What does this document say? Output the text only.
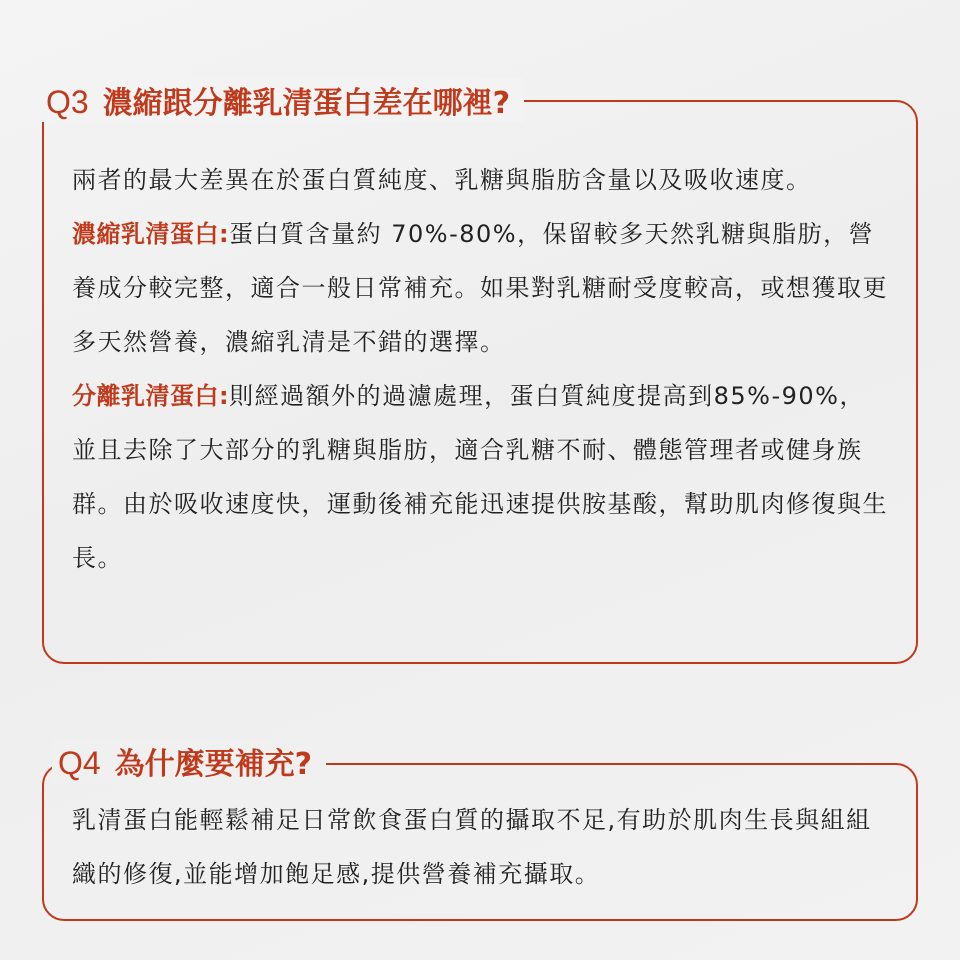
Q3 濃縮跟分離乳清蛋白差在哪裡?

兩者的最大差異在於蛋白質純度、乳糖與脂肪含量以及吸收速度。

濃縮乳清蛋白:蛋白質含量約 70%-80%，保留較多天然乳糖與脂肪，營養成分較完整，適合一般日常補充。如果對乳糖耐受度較高，或想獲取更多天然營養，濃縮乳清是不錯的選擇。

分離乳清蛋白:則經過額外的過濾處理，蛋白質純度提高到85%-90%，並且去除了大部分的乳糖與脂肪，適合乳糖不耐、體態管理者或健身族群。由於吸收速度快，運動後補充能迅速提供胺基酸，幫助肌肉修復與生長。

Q4 為什麼要補充?

乳清蛋白能輕鬆補足日常飲食蛋白質的攝取不足,有助於肌肉生長與組組織的修復,並能增加飽足感,提供營養補充攝取。
